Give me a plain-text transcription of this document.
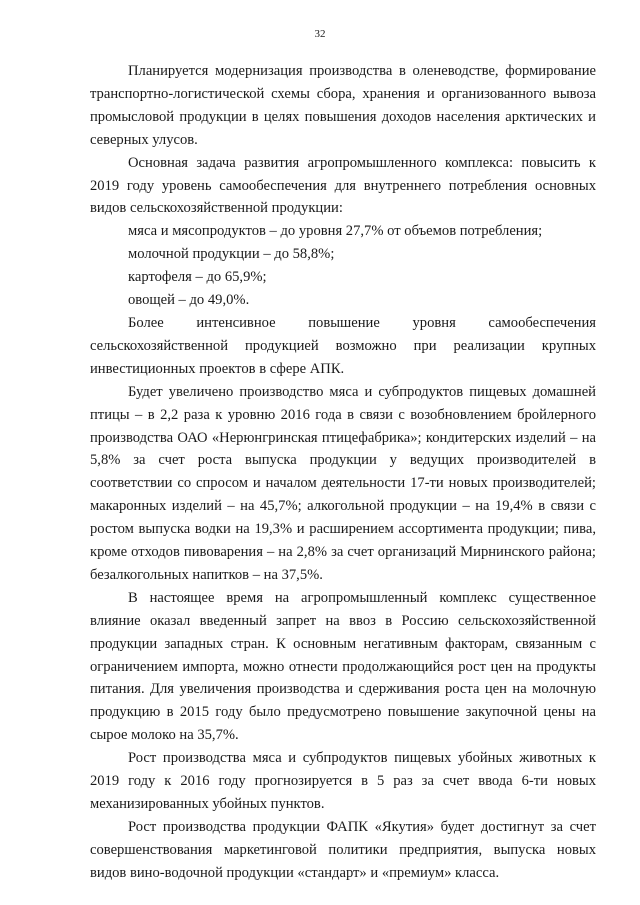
32

Планируется модернизация производства в оленеводстве, формирование транспортно-логистической схемы сбора, хранения и организованного вывоза промысловой продукции в целях повышения доходов населения арктических и северных улусов.

Основная задача развития агропромышленного комплекса: повысить к 2019 году уровень самообеспечения для внутреннего потребления основных видов сельскохозяйственной продукции:

мяса и мясопродуктов – до уровня 27,7% от объемов потребления;

молочной продукции – до 58,8%;

картофеля – до 65,9%;

овощей – до 49,0%.

Более интенсивное повышение уровня самообеспечения сельскохозяйственной продукцией возможно при реализации крупных инвестиционных проектов в сфере АПК.

Будет увеличено производство мяса и субпродуктов пищевых домашней птицы – в 2,2 раза к уровню 2016 года в связи с возобновлением бройлерного производства ОАО «Нерюнгринская птицефабрика»; кондитерских изделий – на 5,8% за счет роста выпуска продукции у ведущих производителей в соответствии со спросом и началом деятельности 17-ти новых производителей; макаронных изделий – на 45,7%; алкогольной продукции – на 19,4% в связи с ростом выпуска водки на 19,3% и расширением ассортимента продукции; пива, кроме отходов пивоварения – на 2,8% за счет организаций Мирнинского района; безалкогольных напитков – на 37,5%.

В настоящее время на агропромышленный комплекс существенное влияние оказал введенный запрет на ввоз в Россию сельскохозяйственной продукции западных стран. К основным негативным факторам, связанным с ограничением импорта, можно отнести продолжающийся рост цен на продукты питания. Для увеличения производства и сдерживания роста цен на молочную продукцию в 2015 году было предусмотрено повышение закупочной цены на сырое молоко на 35,7%.

Рост производства мяса и субпродуктов пищевых убойных животных к 2019 году к 2016 году прогнозируется в 5 раз за счет ввода 6-ти новых механизированных убойных пунктов.

Рост производства продукции ФАПК «Якутия» будет достигнут за счет совершенствования маркетинговой политики предприятия, выпуска новых видов вино-водочной продукции «стандарт» и «премиум» класса.
